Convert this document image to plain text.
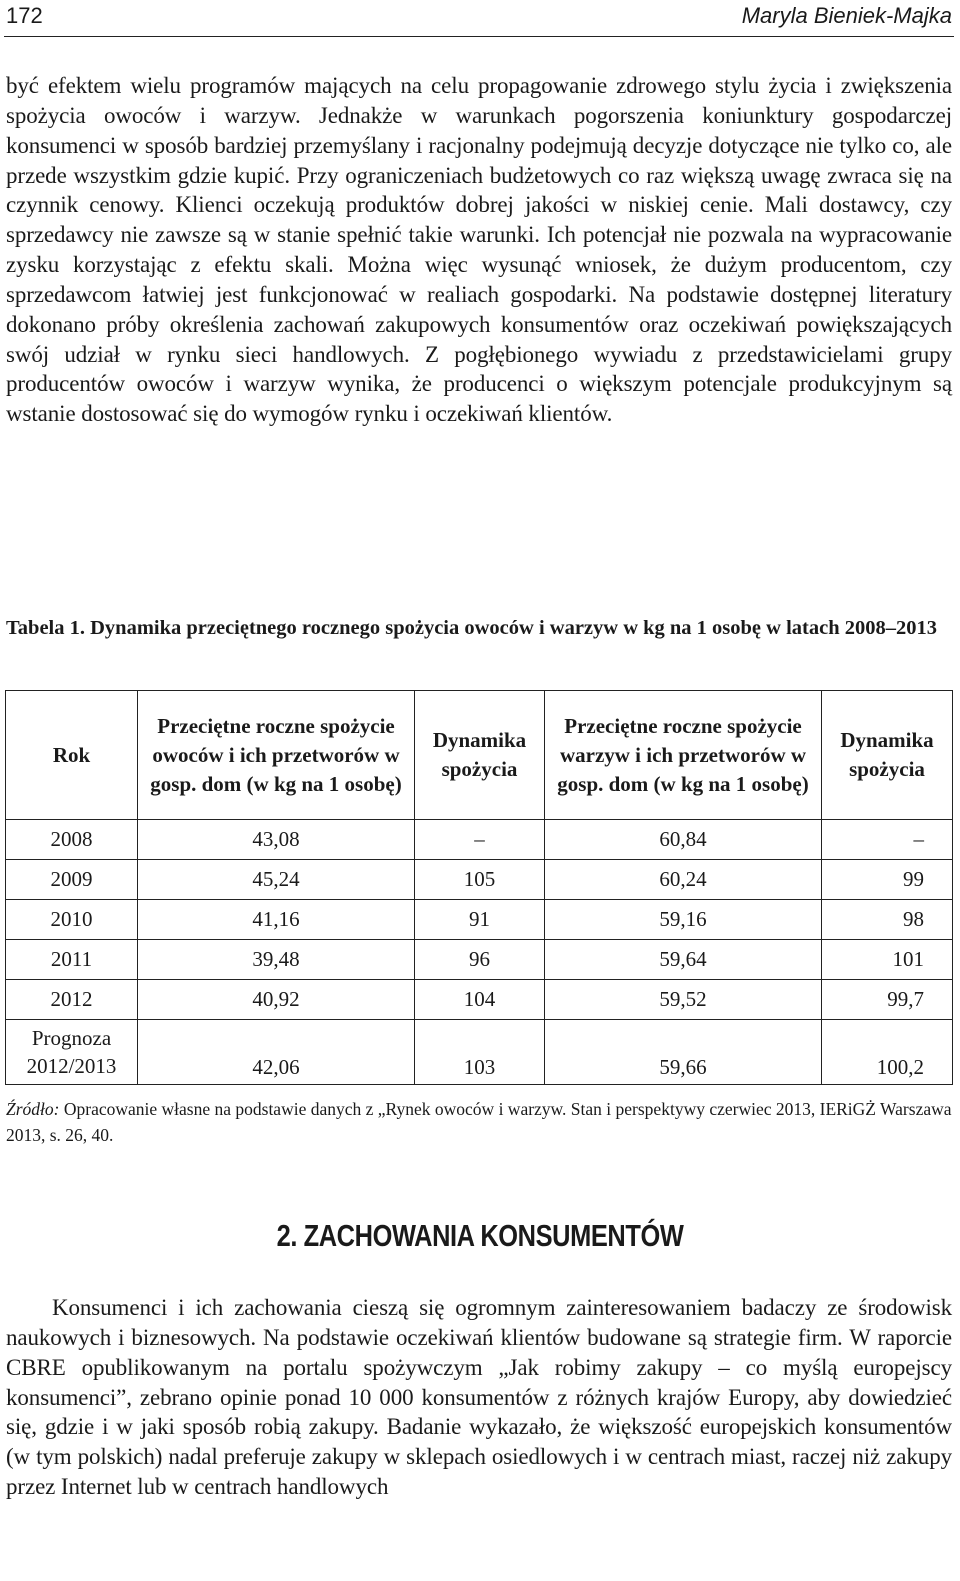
172	Maryla Bieniek-Majka

być efektem wielu programów mających na celu propagowanie zdrowego stylu życia i zwiększenia spożycia owoców i warzyw. Jednakże w warunkach pogorszenia koniunktury gospodarczej konsumenci w sposób bardziej przemyślany i racjonalny podejmują decyzje dotyczące nie tylko co, ale przede wszystkim gdzie kupić. Przy ograniczeniach budżetowych co raz większą uwagę zwraca się na czynnik cenowy. Klienci oczekują produktów dobrej jakości w niskiej cenie. Mali dostawcy, czy sprzedawcy nie zawsze są w stanie spełnić takie warunki. Ich potencjał nie pozwala na wypracowanie zysku korzystając z efektu skali. Można więc wysunąć wniosek, że dużym producentom, czy sprzedawcom łatwiej jest funkcjonować w realiach gospodarki. Na podstawie dostępnej literatury dokonano próby określenia zachowań zakupowych konsumentów oraz oczekiwań powiększających swój udział w rynku sieci handlowych. Z pogłębionego wywiadu z przedstawicielami grupy producentów owoców i warzyw wynika, że producenci o większym potencjale produkcyjnym są wstanie dostosować się do wymogów rynku i oczekiwań klientów.

Tabela 1. Dynamika przeciętnego rocznego spożycia owoców i warzyw w kg na 1 osobę w latach 2008–2013

Rok	Przeciętne roczne spożycie owoców i ich przetworów w gosp. dom (w kg na 1 osobę)	Dynamika spożycia	Przeciętne roczne spożycie warzyw i ich przetworów w gosp. dom (w kg na 1 osobę)	Dynamika spożycia
2008	43,08	–	60,84	–
2009	45,24	105	60,24	99
2010	41,16	91	59,16	98
2011	39,48	96	59,64	101
2012	40,92	104	59,52	99,7
Prognoza 2012/2013	42,06	103	59,66	100,2

Źródło: Opracowanie własne na podstawie danych z „Rynek owoców i warzyw. Stan i perspektywy czerwiec 2013, IERiGŻ Warszawa 2013, s. 26, 40.

2. ZACHOWANIA KONSUMENTÓW

Konsumenci i ich zachowania cieszą się ogromnym zainteresowaniem badaczy ze środowisk naukowych i biznesowych. Na podstawie oczekiwań klientów budowane są strategie firm. W raporcie CBRE opublikowanym na portalu spożywczym „Jak robimy zakupy – co myślą europejscy konsumenci”, zebrano opinie ponad 10 000 konsumentów z różnych krajów Europy, aby dowiedzieć się, gdzie i w jaki sposób robią zakupy. Badanie wykazało, że większość europejskich konsumentów (w tym polskich) nadal preferuje zakupy w sklepach osiedlowych i w centrach miast, raczej niż zakupy przez Internet lub w centrach handlowych
